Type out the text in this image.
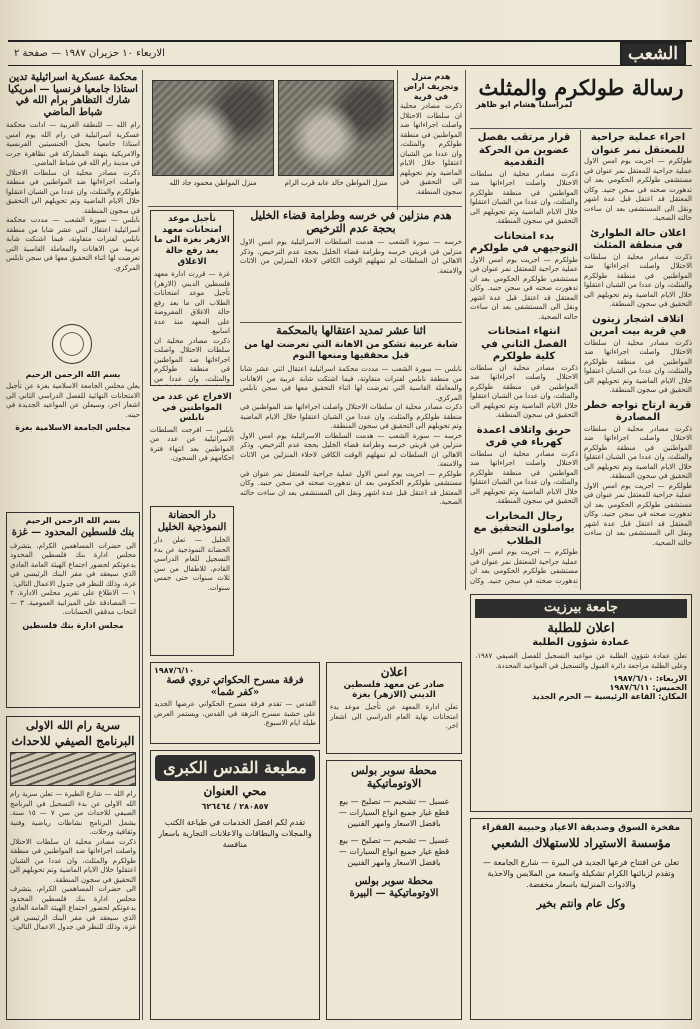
الشعب
الاربعاء ١٠ حزيران ١٩٨٧ — صفحة ٢
رسالة طولكرم والمثلث
لمراسلنا هشام ابو ظاهر
اجراء عملية جراحية للمعتقل نمر عنوان
طولكرم — اجريت يوم امس الاول عملية جراحية للمعتقل نمر عنوان في مستشفى طولكرم الحكومي بعد ان تدهورت صحته في سجن جنيد. وكان المعتقل قد اعتقل قبل عدة اشهر ونقل الى المستشفى بعد ان ساءت حالته الصحية.
اعلان حالة الطوارئ في منطقة المثلث
ذكرت مصادر محلية ان سلطات الاحتلال واصلت اجراءاتها ضد المواطنين في منطقة طولكرم والمثلث، وان عددا من الشبان اعتقلوا خلال الايام الماضية وتم تحويلهم الى التحقيق في سجون المنطقة.
اتلاف اشجار زيتون في قرية بيت امرين
ذكرت مصادر محلية ان سلطات الاحتلال واصلت اجراءاتها ضد المواطنين في منطقة طولكرم والمثلث، وان عددا من الشبان اعتقلوا خلال الايام الماضية وتم تحويلهم الى التحقيق في سجون المنطقة.
قرية ارتاح تواجه خطر المصادرة
ذكرت مصادر محلية ان سلطات الاحتلال واصلت اجراءاتها ضد المواطنين في منطقة طولكرم والمثلث، وان عددا من الشبان اعتقلوا خلال الايام الماضية وتم تحويلهم الى التحقيق في سجون المنطقة.
طولكرم — اجريت يوم امس الاول عملية جراحية للمعتقل نمر عنوان في مستشفى طولكرم الحكومي بعد ان تدهورت صحته في سجن جنيد. وكان المعتقل قد اعتقل قبل عدة اشهر ونقل الى المستشفى بعد ان ساءت حالته الصحية.
قرار مرتقب بفصل عضوين من الحركة التقدمية
ذكرت مصادر محلية ان سلطات الاحتلال واصلت اجراءاتها ضد المواطنين في منطقة طولكرم والمثلث، وان عددا من الشبان اعتقلوا خلال الايام الماضية وتم تحويلهم الى التحقيق في سجون المنطقة.
بدء امتحانات التوجيهي في طولكرم
طولكرم — اجريت يوم امس الاول عملية جراحية للمعتقل نمر عنوان في مستشفى طولكرم الحكومي بعد ان تدهورت صحته في سجن جنيد. وكان المعتقل قد اعتقل قبل عدة اشهر ونقل الى المستشفى بعد ان ساءت حالته الصحية.
انتهاء امتحانات الفصل الثاني في كلية طولكرم
ذكرت مصادر محلية ان سلطات الاحتلال واصلت اجراءاتها ضد المواطنين في منطقة طولكرم والمثلث، وان عددا من الشبان اعتقلوا خلال الايام الماضية وتم تحويلهم الى التحقيق في سجون المنطقة.
حريق واتلاف اعمدة كهرباء في قرى
ذكرت مصادر محلية ان سلطات الاحتلال واصلت اجراءاتها ضد المواطنين في منطقة طولكرم والمثلث، وان عددا من الشبان اعتقلوا خلال الايام الماضية وتم تحويلهم الى التحقيق في سجون المنطقة.
رجال المخابرات يواصلون التحقيق مع الطلاب
طولكرم — اجريت يوم امس الاول عملية جراحية للمعتقل نمر عنوان في مستشفى طولكرم الحكومي بعد ان تدهورت صحته في سجن جنيد. وكان
هدم منزل وتجريف اراض في قرية
ذكرت مصادر محلية ان سلطات الاحتلال واصلت اجراءاتها ضد المواطنين في منطقة طولكرم والمثلث، وان عددا من الشبان اعتقلوا خلال الايام الماضية وتم تحويلهم الى التحقيق في سجون المنطقة.
منزل المواطن محمود جاد الله	منزل المواطن خالد عابد قرب الرام
هدم منزلين في خرسه وطرامة قضاء الخليل بحجة عدم الترخيص
خرسه — سورة الشعب — هدمت السلطات الاسرائيلية يوم امس الاول منزلين في قريتي خرسه وطرامة قضاء الخليل بحجة عدم الترخيص. وذكر الاهالي ان السلطات لم تمهلهم الوقت الكافي لاخلاء المنزلين من الاثاث والامتعة.
اثنا عشر تمديد اعتقالها بالمحكمة
شابة عربية تشكو من الاهانة التي تعرضت لها من قبل محققيها ومنعها النوم
نابلس — سورة الشعب — مددت محكمة اسرائيلية اعتقال اثني عشر شابا من منطقة نابلس لفترات متفاوتة، فيما اشتكت شابة عربية من الاهانات والمعاملة القاسية التي تعرضت لها اثناء التحقيق معها في سجن نابلس المركزي.
ذكرت مصادر محلية ان سلطات الاحتلال واصلت اجراءاتها ضد المواطنين في منطقة طولكرم والمثلث، وان عددا من الشبان اعتقلوا خلال الايام الماضية وتم تحويلهم الى التحقيق في سجون المنطقة.
خرسه — سورة الشعب — هدمت السلطات الاسرائيلية يوم امس الاول منزلين في قريتي خرسه وطرامة قضاء الخليل بحجة عدم الترخيص. وذكر الاهالي ان السلطات لم تمهلهم الوقت الكافي لاخلاء المنزلين من الاثاث والامتعة.
طولكرم — اجريت يوم امس الاول عملية جراحية للمعتقل نمر عنوان في مستشفى طولكرم الحكومي بعد ان تدهورت صحته في سجن جنيد. وكان المعتقل قد اعتقل قبل عدة اشهر ونقل الى المستشفى بعد ان ساءت حالته الصحية.
محكمة عسكرية اسرائيلية تدين استاذا جامعيا فرنسيا — امريكيا شارك التظاهر برام الله في شباط الماضي
رام الله — للنطقة الغربية — ادانت محكمة عسكرية اسرائيلية في رام الله يوم امس استاذا جامعيا يحمل الجنسيتين الفرنسية والامريكية بتهمة المشاركة في تظاهرة جرت في مدينة رام الله في شباط الماضي.
ذكرت مصادر محلية ان سلطات الاحتلال واصلت اجراءاتها ضد المواطنين في منطقة طولكرم والمثلث، وان عددا من الشبان اعتقلوا خلال الايام الماضية وتم تحويلهم الى التحقيق في سجون المنطقة.
نابلس — سورة الشعب — مددت محكمة اسرائيلية اعتقال اثني عشر شابا من منطقة نابلس لفترات متفاوتة، فيما اشتكت شابة عربية من الاهانات والمعاملة القاسية التي تعرضت لها اثناء التحقيق معها في سجن نابلس المركزي.
تأجيل موعد امتحانات معهد الازهر بغزة الى ما بعد رفع حالة الاغلاق
غزة — قررت ادارة معهد فلسطين الديني (الازهر) تأجيل موعد امتحانات الطلاب الى ما بعد رفع حالة الاغلاق المفروضة على المعهد منذ عدة اسابيع.
ذكرت مصادر محلية ان سلطات الاحتلال واصلت اجراءاتها ضد المواطنين في منطقة طولكرم والمثلث، وان عددا من
الافراج عن عدد من المواطنين في نابلس
نابلس — افرجت السلطات الاسرائيلية عن عدد من المواطنين بعد انتهاء فترة احكامهم في السجون.
بسم الله الرحمن الرحيم
يعلن مجلس الجامعة الاسلامية بغزة عن تأجيل الامتحانات النهائية للفصل الدراسي الثاني الى اشعار اخر، وسيعلن عن المواعيد الجديدة في حينه.
مجلس الجامعة الاسلامية بغزة
بسم الله الرحمن الرحيم
بنك فلسطين المحدود — غزة
الى حضرات المساهمين الكرام، يتشرف مجلس ادارة بنك فلسطين المحدود بدعوتكم لحضور اجتماع الهيئة العامة العادي الذي سيعقد في مقر البنك الرئيسي في غزة، وذلك للنظر في جدول الاعمال التالي:
١ — الاطلاع على تقرير مجلس الادارة. ٢ — المصادقة على الميزانية العمومية. ٣ — انتخاب مدققي الحسابات.
مجلس ادارة بنك فلسطين
سرية رام الله الاولى
البرنامج الصيفي للاحداث
رام الله — شارع الطيرة — تعلن سرية رام الله الاولى عن بدء التسجيل في البرنامج الصيفي للاحداث من سن ٧ — ١٥ سنة. يشمل البرنامج نشاطات رياضية وفنية وثقافية ورحلات.
ذكرت مصادر محلية ان سلطات الاحتلال واصلت اجراءاتها ضد المواطنين في منطقة طولكرم والمثلث، وان عددا من الشبان اعتقلوا خلال الايام الماضية وتم تحويلهم الى التحقيق في سجون المنطقة.
الى حضرات المساهمين الكرام، يتشرف مجلس ادارة بنك فلسطين المحدود بدعوتكم لحضور اجتماع الهيئة العامة العادي الذي سيعقد في مقر البنك الرئيسي في غزة، وذلك للنظر في جدول الاعمال التالي:
دار الحضانة النموذجية الخليل
الخليل — تعلن دار الحضانة النموذجية عن بدء التسجيل للعام الدراسي القادم، للاطفال من سن ثلاث سنوات حتى خمس سنوات.
١٩٨٧/٦/١٠
فرقة مسرح الحكواتي تروي قصة «كفر شما»
القدس — تقدم فرقة مسرح الحكواتي عرضها الجديد على خشبة مسرح النزهة في القدس، ويستمر العرض طيلة ايام الاسبوع.
مطبعة القدس الكبرى
محي العنوان
٢٨٠٨٥٧ / ٦٢٦٤٦٤
تقدم لكم افضل الخدمات في طباعة الكتب والمجلات والبطاقات والاعلانات التجارية باسعار منافسة
اعلان
صادر عن معهد فلسطين الديني (الازهر) بغزة
تعلن ادارة المعهد عن تأجيل موعد بدء امتحانات نهاية العام الدراسي الى اشعار اخر.
محطة سوبر بولس الاوتوماتيكية
غسيل — تشحيم — تصليح — بيع قطع غيار جميع انواع السيارات — بافضل الاسعار وامهر الفنيين
غسيل — تشحيم — تصليح — بيع قطع غيار جميع انواع السيارات — بافضل الاسعار وامهر الفنيين
محطة سوبر بولس الاوتوماتيكية — البيرة
جامعة بيرزيت
اعلان للطلبة
عمادة شؤون الطلبة
تعلن عمادة شؤون الطلبة عن مواعيد التسجيل للفصل الصيفي ١٩٨٧، وعلى الطلبة مراجعة دائرة القبول والتسجيل في المواعيد المحددة.
الاربعاء: ١٩٨٧/٦/١٠
الخميس: ١٩٨٧/٦/١١
المكان: القاعة الرئيسية — الحرم الجديد
مفخرة السوق وصديقة الاعياد وحبيبة الفقراء
مؤسسة الاستيراد للاستهلاك الشعبي
تعلن عن افتتاح فرعها الجديد في البيرة — شارع الجامعة — وتقدم لزبائنها الكرام تشكيلة واسعة من الملابس والاحذية والادوات المنزلية باسعار مخفضة.
وكل عام وانتم بخير
